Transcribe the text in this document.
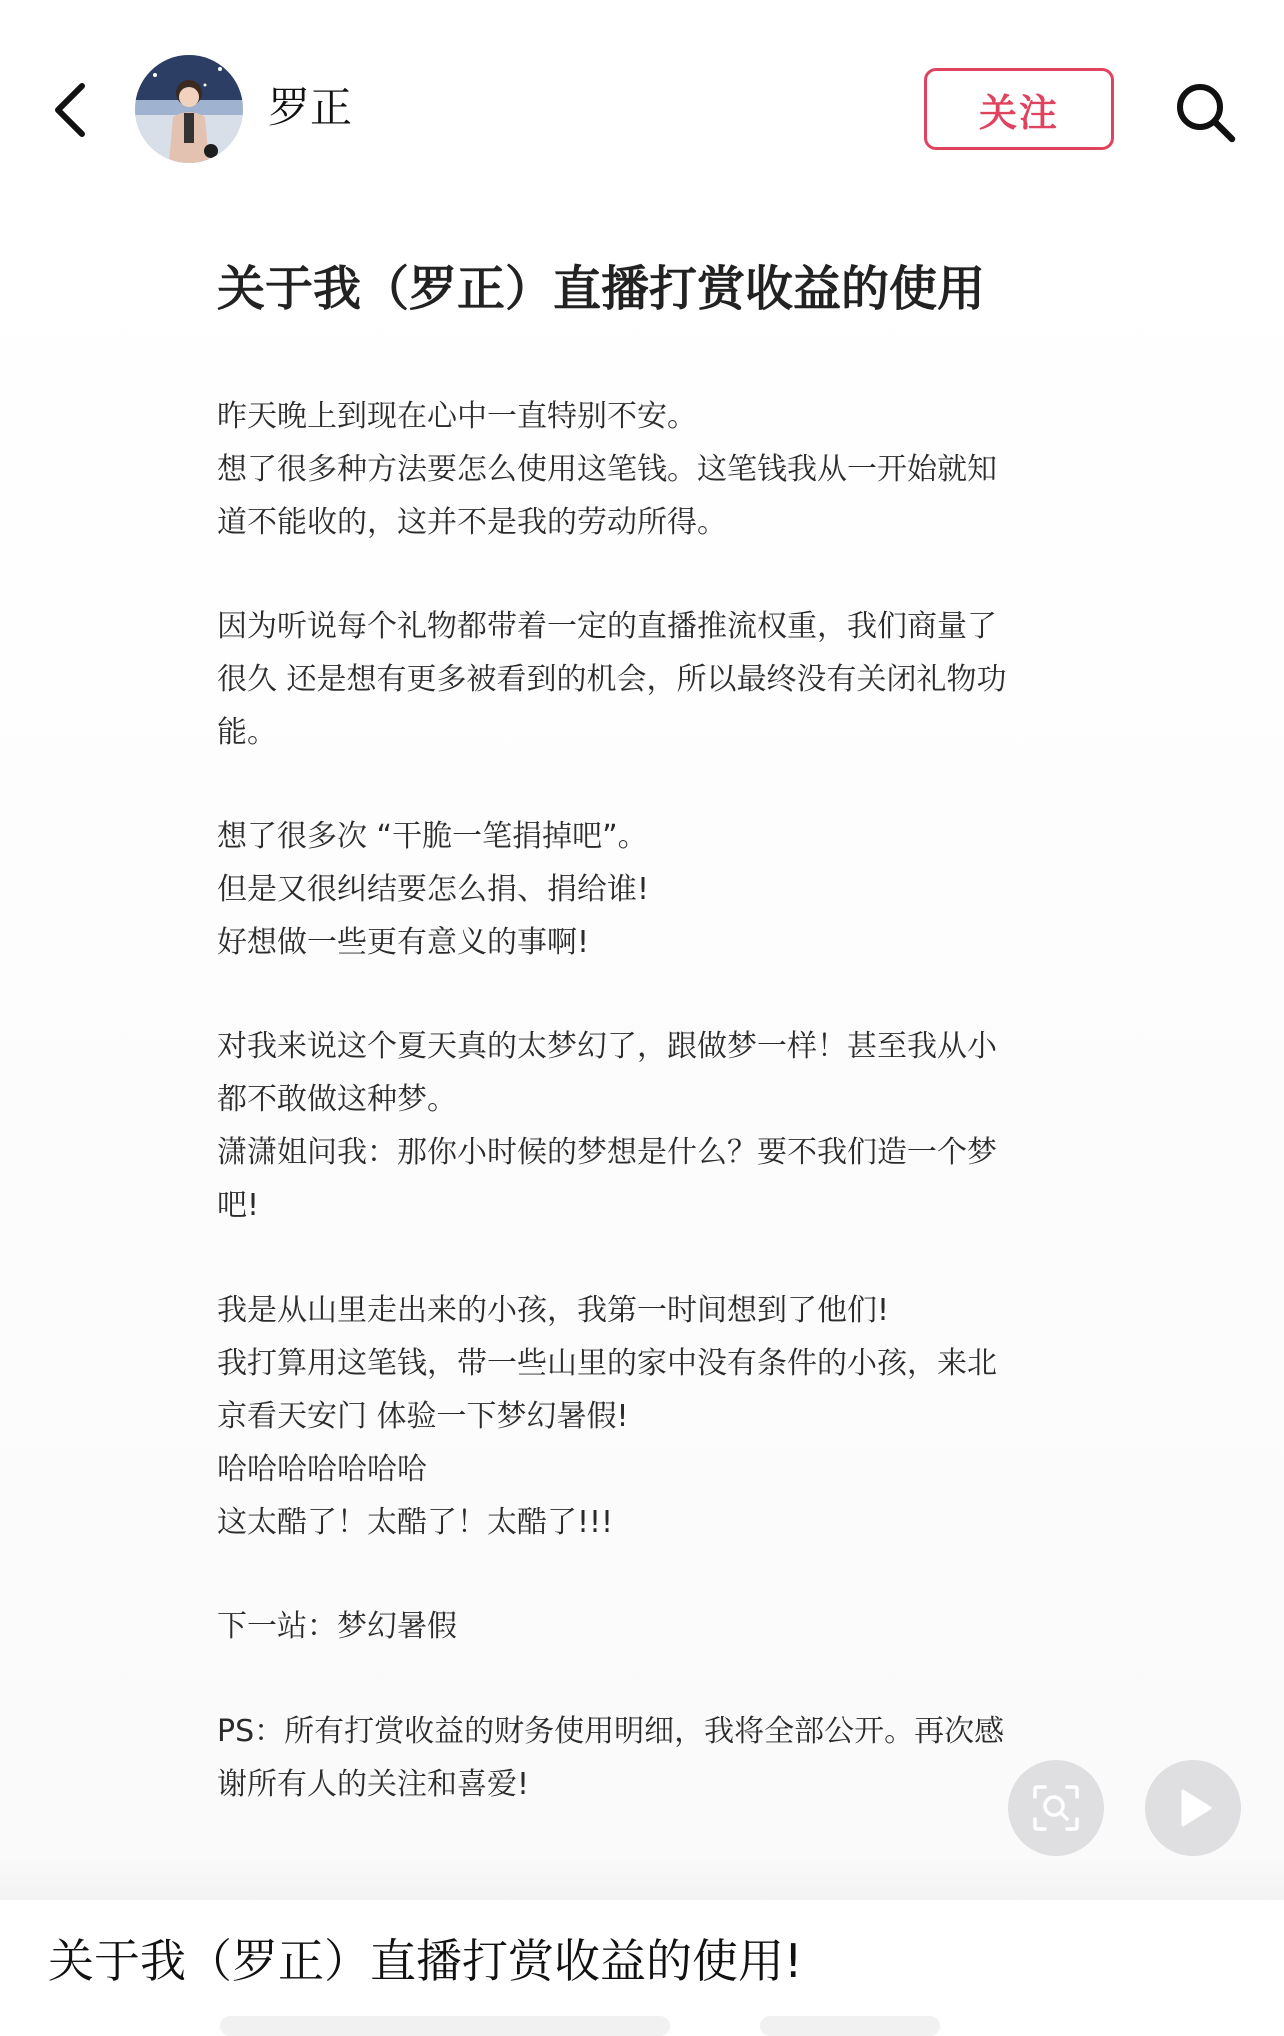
罗正	关注
关于我（罗正）直播打赏收益的使用
昨天晚上到现在心中一直特别不安。
想了很多种方法要怎么使用这笔钱。这笔钱我从一开始就知
道不能收的，这并不是我的劳动所得。
因为听说每个礼物都带着一定的直播推流权重，我们商量了
很久 还是想有更多被看到的机会，所以最终没有关闭礼物功
能。
想了很多次 “干脆一笔捐掉吧”。
但是又很纠结要怎么捐、捐给谁!
好想做一些更有意义的事啊!
对我来说这个夏天真的太梦幻了，跟做梦一样！甚至我从小
都不敢做这种梦。
潇潇姐问我：那你小时候的梦想是什么？要不我们造一个梦
吧!
我是从山里走出来的小孩，我第一时间想到了他们!
我打算用这笔钱，带一些山里的家中没有条件的小孩，来北
京看天安门 体验一下梦幻暑假!
哈哈哈哈哈哈哈
这太酷了！太酷了！太酷了!!!
下一站：梦幻暑假
PS：所有打赏收益的财务使用明细，我将全部公开。再次感
谢所有人的关注和喜爱!
关于我（罗正）直播打赏收益的使用!
